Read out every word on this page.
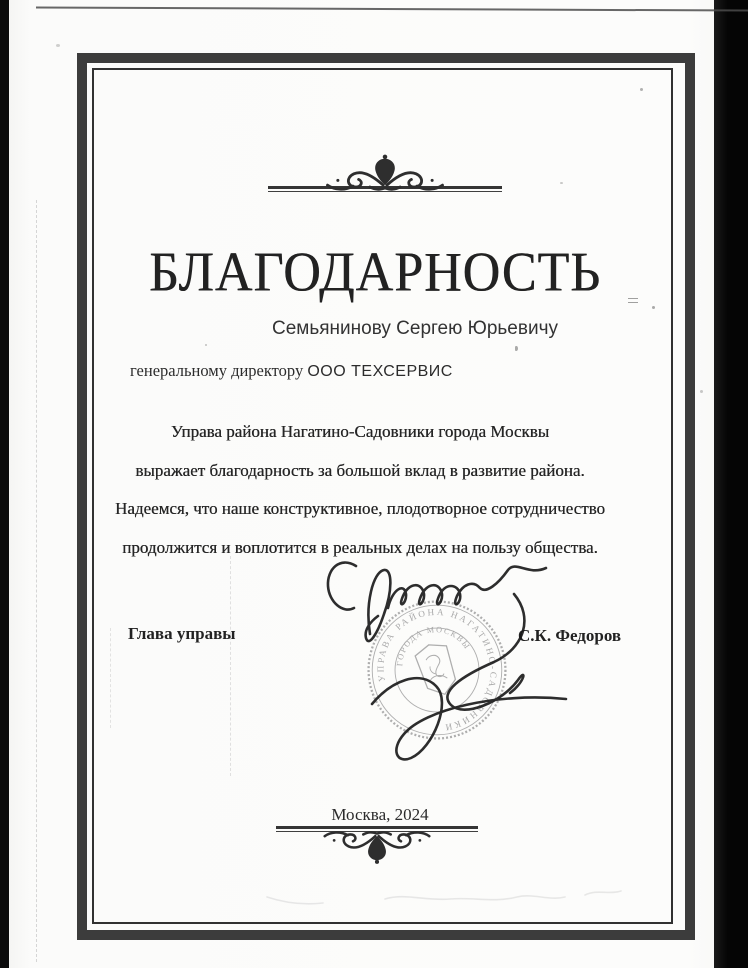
БЛАГОДАРНОСТЬ
Семьянинову Сергею Юрьевичу
генеральному директору ООО ТЕХСЕРВИС

Управа района Нагатино-Садовники города Москвы

выражает благодарность за большой вклад в развитие района.

Надеемся, что наше конструктивное, плодотворное сотрудничество

продолжится и воплотится в реальных делах на пользу общества.

Глава управы	С.К. Федоров
УПРАВА РАЙОНА НАГАТИНО-САДОВНИКИ
ГОРОДА МОСКВЫ
Москва, 2024
